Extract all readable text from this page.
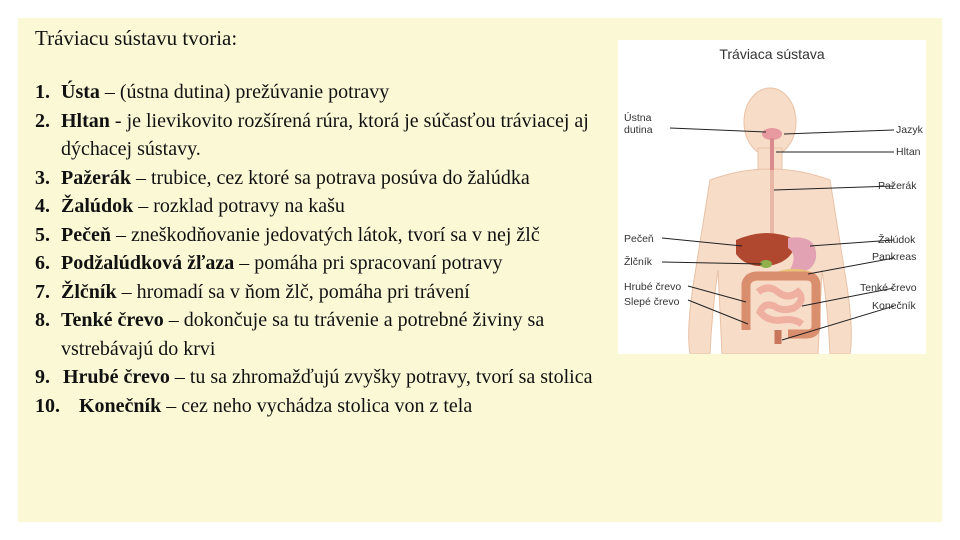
Tráviacu sústavu tvoria:
1. Ústa – (ústna dutina) prežúvanie potravy
2. Hltan - je lievikovito rozšírená rúra, ktorá je súčasťou tráviacej aj dýchacej sústavy.
3. Pažerák – trubice, cez ktoré sa potrava posúva do žalúdka
4. Žalúdok – rozklad potravy na kašu
5. Pečeň – zneškodňovanie jedovatých látok, tvorí sa v nej žlč
6. Podžalúdková žľaza – pomáha pri spracovaní potravy
7. Žlčník – hromadí sa v ňom žlč, pomáha pri trávení
8. Tenké črevo – dokončuje sa tu trávenie a potrebné živiny sa vstrebávajú do krvi
9. Hrubé črevo – tu sa zhromažďujú zvyšky potravy, tvorí sa stolica
10. Konečník – cez neho vychádza stolica von z tela
Tráviaca sústava
Ústna
dutina
Pečeň
Žlčník
Hrubé črevo
Slepé črevo
Jazyk
Hltan
Pažerák
Žalúdok
Pankreas
Tenké črevo
Konečník
